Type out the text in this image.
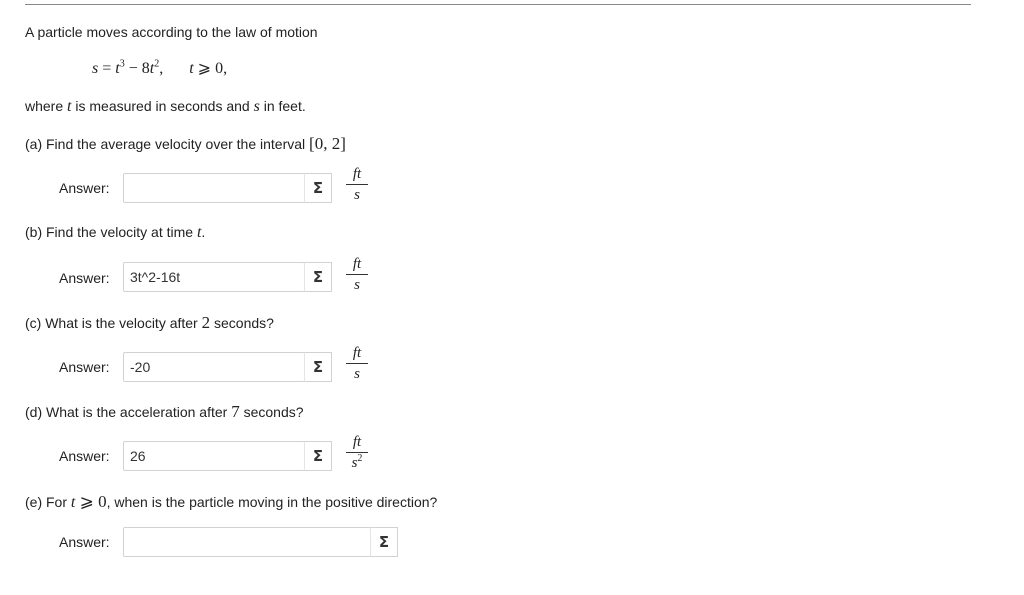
A particle moves according to the law of motion
$s = t^3 - 8t^2$, t ⩾ 0,
where t is measured in seconds and s in feet.
(a) Find the average velocity over the interval [0, 2]
Answer:	Σ
ft
s
(b) Find the velocity at time t.
Answer:
3t^2-16t	Σ
ft
s
(c) What is the velocity after 2 seconds?
Answer:
-20	Σ
ft
s
(d) What is the acceleration after 7 seconds?
Answer:
26	Σ
ft
$s^2$
(e) For t ⩾ 0, when is the particle moving in the positive direction?
Answer:	Σ
